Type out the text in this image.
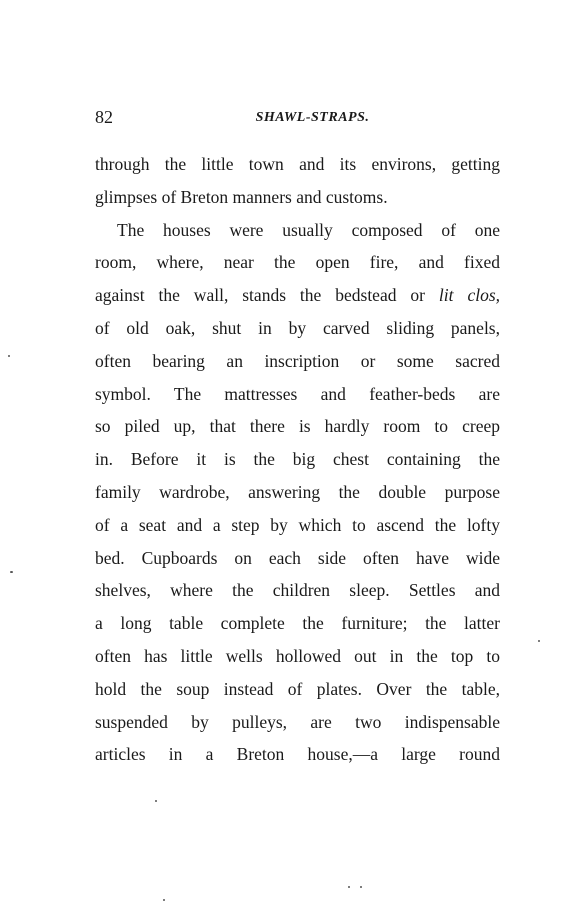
82	SHAWL-STRAPS.
through the little town and its environs, getting
glimpses of Breton manners and customs.
The houses were usually composed of one
room, where, near the open fire, and fixed
against the wall, stands the bedstead or lit clos,
of old oak, shut in by carved sliding panels,
often bearing an inscription or some sacred
symbol. The mattresses and feather-beds are
so piled up, that there is hardly room to creep
in. Before it is the big chest containing the
family wardrobe, answering the double purpose
of a seat and a step by which to ascend the lofty
bed. Cupboards on each side often have wide
shelves, where the children sleep. Settles and
a long table complete the furniture; the latter
often has little wells hollowed out in the top to
hold the soup instead of plates. Over the table,
suspended by pulleys, are two indispensable
articles in a Breton house,—a large round
